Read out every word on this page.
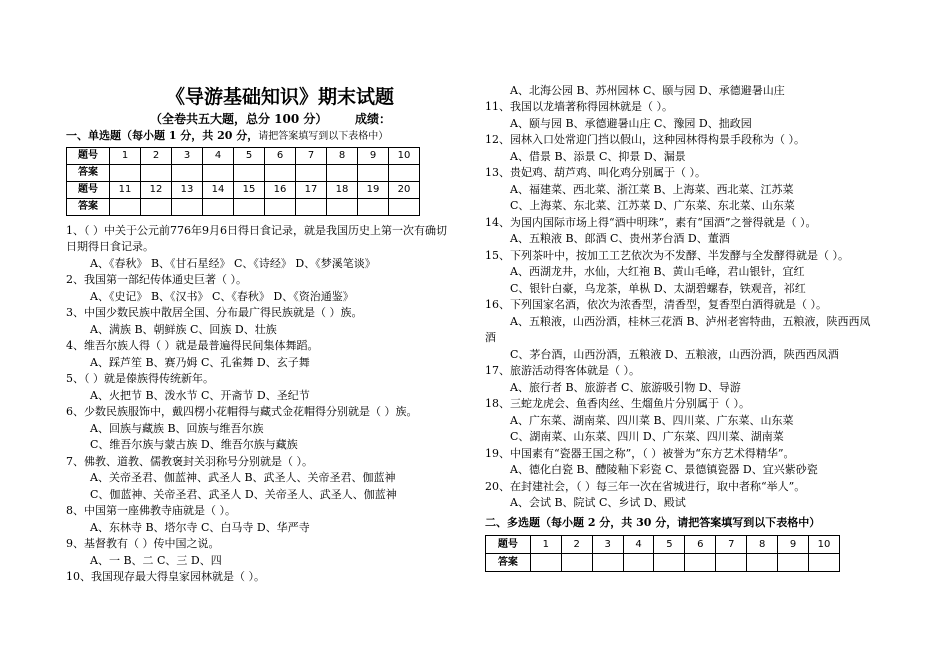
《导游基础知识》期末试题
（全卷共五大题，总分 100 分） 成绩：
一、单选题（每小题 1 分，共 20 分，请把答案填写到以下表格中）
题号	1	2	3	4	5	6	7	8	9	10
答案										
题号	11	12	13	14	15	16	17	18	19	20
答案										
1、（ ）中关于公元前776年9月6日得日食记录，就是我国历史上第一次有确切
日期得日食记录。
A、《春秋》 B、《甘石星经》 C、《诗经》 D、《梦溪笔谈》
2、我国第一部纪传体通史巨著（ ）。
A、《史记》 B、《汉书》 C、《春秋》 D、《资治通鉴》
3、中国少数民族中散居全国、分布最广得民族就是（ ）族。
A、满族 B、朝鲜族 C、回族 D、壮族
4、维吾尔族人得（ ）就是最普遍得民间集体舞蹈。
A、踩芦笙 B、赛乃姆 C、孔雀舞 D、玄子舞
5、（ ）就是傣族得传统新年。
A、火把节 B、泼水节 C、开斋节 D、圣纪节
6、少数民族服饰中，戴四楞小花帽得与藏式金花帽得分别就是（ ）族。
A、回族与藏族 B、回族与维吾尔族
C、维吾尔族与蒙古族 D、维吾尔族与藏族
7、佛教、道教、儒教褒封关羽称号分别就是（ ）。
A、关帝圣君、伽蓝神、武圣人 B、武圣人、关帝圣君、伽蓝神
C、伽蓝神、关帝圣君、武圣人 D、关帝圣人、武圣人、伽蓝神
8、中国第一座佛教寺庙就是（ ）。
A、东林寺 B、塔尔寺 C、白马寺 D、华严寺
9、基督教有（ ）传中国之说。
A、一 B、二 C、三 D、四
10、我国现存最大得皇家园林就是（ ）。
A、北海公园 B、苏州园林 C、颐与园 D、承德避暑山庄
11、我国以龙墙著称得园林就是（ ）。
A、颐与园 B、承德避暑山庄 C、豫园 D、拙政园
12、园林入口处常迎门挡以假山，这种园林得构景手段称为（ ）。
A、借景 B、添景 C、抑景 D、漏景
13、贵妃鸡、葫芦鸡、叫化鸡分别属于（ ）。
A、福建菜、西北菜、浙江菜 B、上海菜、西北菜、江苏菜
C、上海菜、东北菜、江苏菜 D、广东菜、东北菜、山东菜
14、为国内国际市场上得“酒中明珠”，素有“国酒”之誉得就是（ ）。
A、五粮液 B、郎酒 C、贵州茅台酒 D、董酒
15、下列茶叶中，按加工工艺依次为不发酵、半发酵与全发酵得就是（ ）。
A、西湖龙井，水仙，大红袍 B、黄山毛峰，君山银针，宜红
C、银针白豪，乌龙茶，单枞 D、太湖碧螺春，铁观音，祁红
16、下列国家名酒，依次为浓香型，清香型，复香型白酒得就是（ ）。
A、五粮液，山西汾酒，桂林三花酒 B、泸州老窖特曲，五粮液，陕西西凤
酒
C、茅台酒，山西汾酒，五粮液 D、五粮液，山西汾酒，陕西西凤酒
17、旅游活动得客体就是（ ）。
A、旅行者 B、旅游者 C、旅游吸引物 D、导游
18、三蛇龙虎会、鱼香肉丝、生熘鱼片分别属于（ ）。
A、广东菜、湖南菜、四川菜 B、四川菜、广东菜、山东菜
C、湖南菜、山东菜、四川 D、广东菜、四川菜、湖南菜
19、中国素有“瓷器王国之称”，（ ）被誉为“东方艺术得精华”。
A、德化白瓷 B、醴陵釉下彩瓷 C、景德镇瓷器 D、宜兴紫砂瓷
20、在封建社会，（ ）每三年一次在省城进行，取中者称“举人”。
A、会试 B、院试 C、乡试 D、殿试
二、多选题（每小题 2 分，共 30 分，请把答案填写到以下表格中）
题号	1	2	3	4	5	6	7	8	9	10
答案										
